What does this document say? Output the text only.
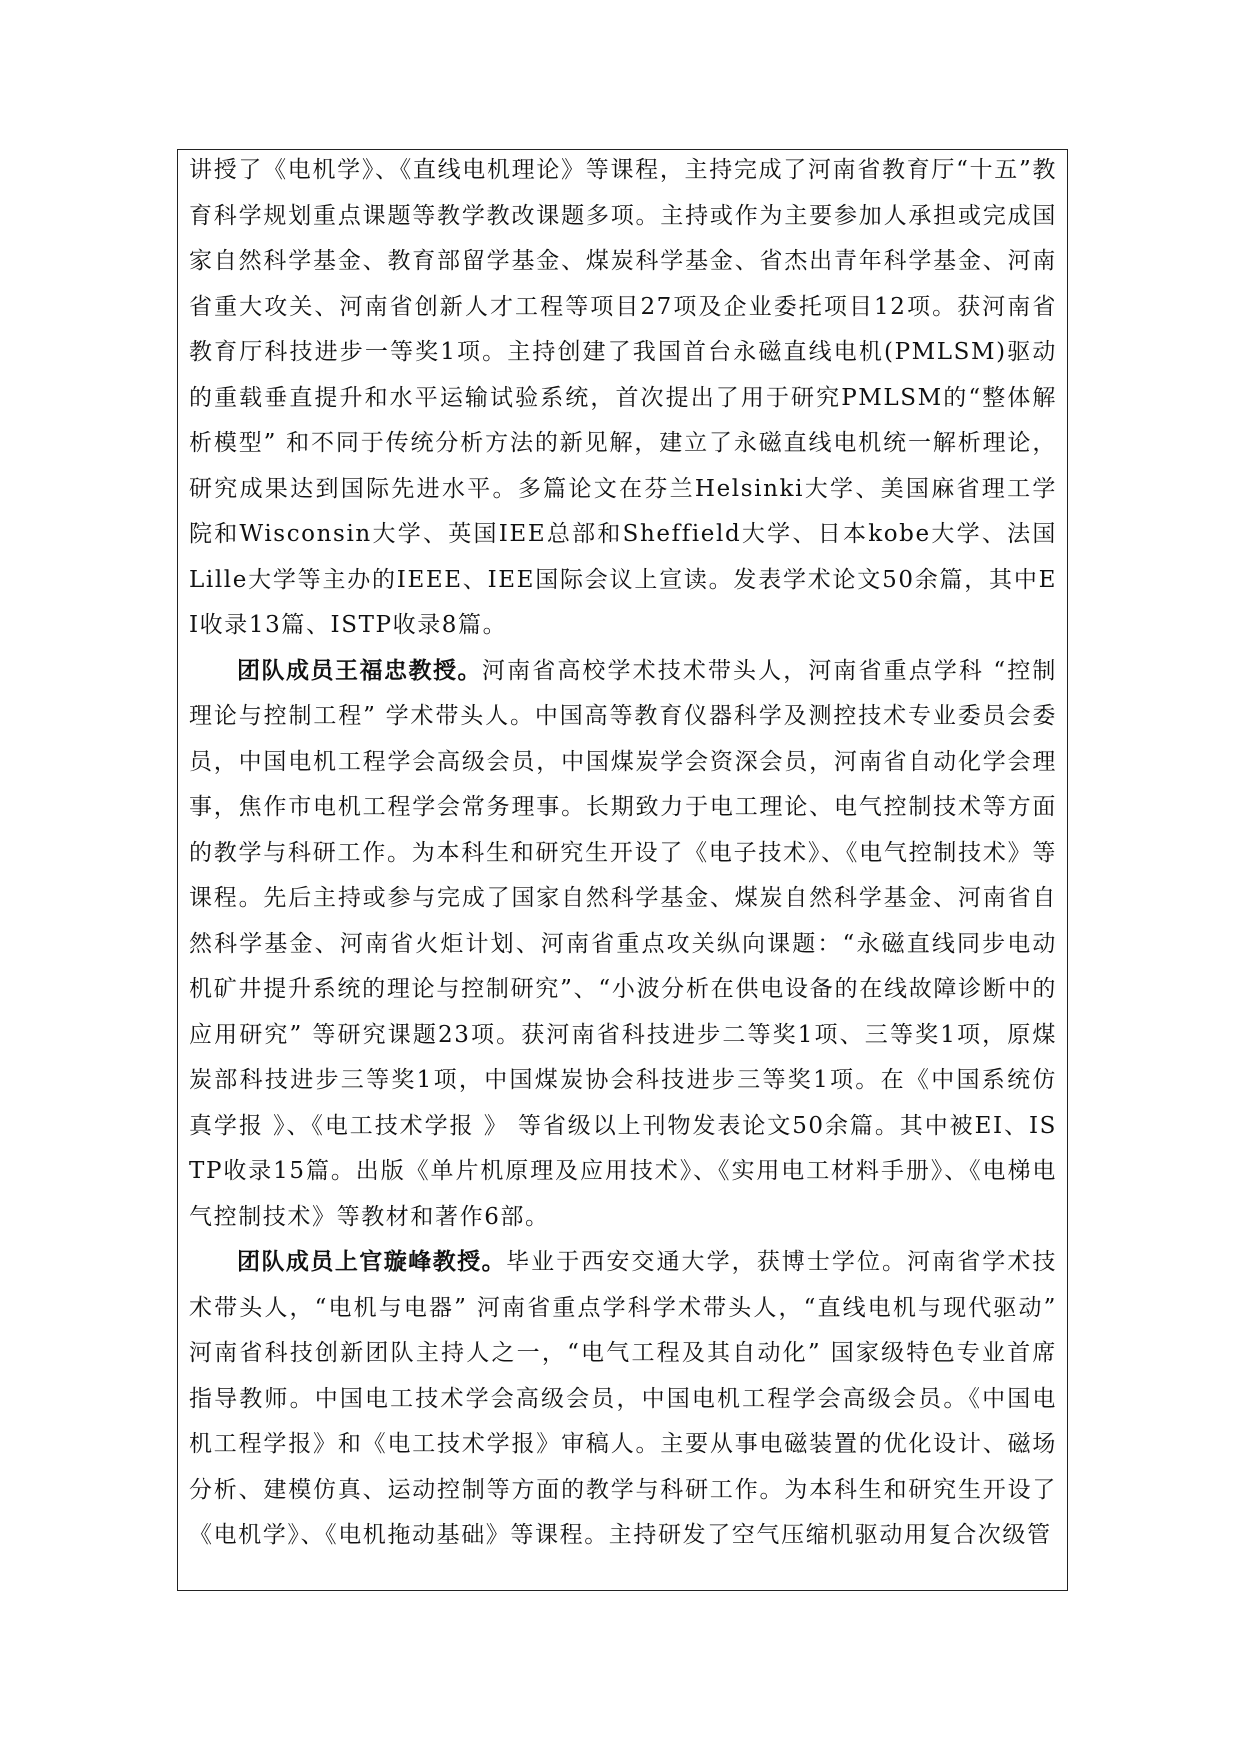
讲授了《电机学》、《直线电机理论》等课程，主持完成了河南省教育厅“十五”教育科学规划重点课题等教学教改课题多项。主持或作为主要参加人承担或完成国家自然科学基金、教育部留学基金、煤炭科学基金、省杰出青年科学基金、河南省重大攻关、河南省创新人才工程等项目27项及企业委托项目12项。获河南省教育厅科技进步一等奖1项。主持创建了我国首台永磁直线电机(PMLSM)驱动的重载垂直提升和水平运输试验系统，首次提出了用于研究PMLSM的“整体解析模型” 和不同于传统分析方法的新见解，建立了永磁直线电机统一解析理论，研究成果达到国际先进水平。多篇论文在芬兰Helsinki大学、美国麻省理工学院和Wisconsin大学、英国IEE总部和Sheffield大学、日本kobe大学、法国Lille大学等主办的IEEE、IEE国际会议上宣读。发表学术论文50余篇，其中EI收录13篇、ISTP收录8篇。

团队成员王福忠教授。河南省高校学术技术带头人，河南省重点学科 “控制理论与控制工程” 学术带头人。中国高等教育仪器科学及测控技术专业委员会委员，中国电机工程学会高级会员，中国煤炭学会资深会员，河南省自动化学会理事，焦作市电机工程学会常务理事。长期致力于电工理论、电气控制技术等方面的教学与科研工作。为本科生和研究生开设了《电子技术》、《电气控制技术》等课程。先后主持或参与完成了国家自然科学基金、煤炭自然科学基金、河南省自然科学基金、河南省火炬计划、河南省重点攻关纵向课题：“永磁直线同步电动机矿井提升系统的理论与控制研究”、“小波分析在供电设备的在线故障诊断中的应用研究” 等研究课题23项。获河南省科技进步二等奖1项、三等奖1项，原煤炭部科技进步三等奖1项，中国煤炭协会科技进步三等奖1项。在《中国系统仿真学报 》、《电工技术学报 》 等省级以上刊物发表论文50余篇。其中被EI、ISTP收录15篇。出版《单片机原理及应用技术》、《实用电工材料手册》、《电梯电气控制技术》等教材和著作6部。

团队成员上官璇峰教授。毕业于西安交通大学，获博士学位。河南省学术技术带头人，“电机与电器” 河南省重点学科学术带头人，“直线电机与现代驱动” 河南省科技创新团队主持人之一，“电气工程及其自动化” 国家级特色专业首席指导教师。中国电工技术学会高级会员，中国电机工程学会高级会员。《中国电机工程学报》和《电工技术学报》审稿人。主要从事电磁装置的优化设计、磁场分析、建模仿真、运动控制等方面的教学与科研工作。为本科生和研究生开设了《电机学》、《电机拖动基础》等课程。主持研发了空气压缩机驱动用复合次级管
